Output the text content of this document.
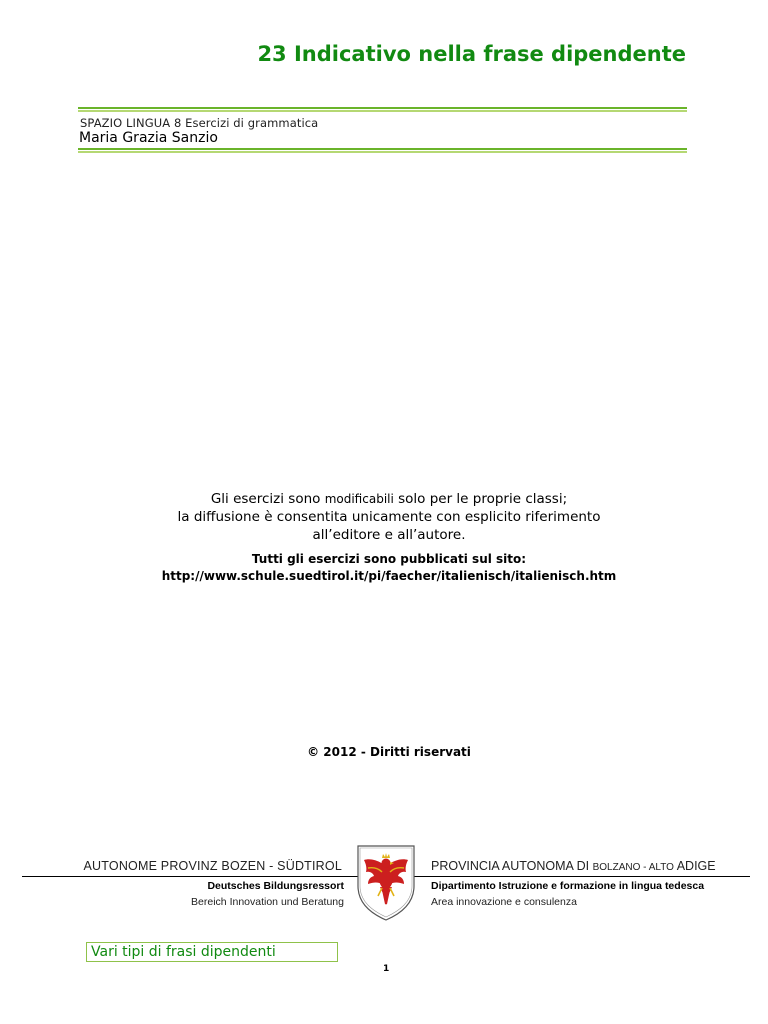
23 Indicativo nella frase dipendente
SPAZIO LINGUA 8 Esercizi di grammatica
Maria Grazia Sanzio

Gli esercizi sono modificabili solo per le proprie classi;

la diffusione è consentita unicamente con esplicito riferimento

all’editore e all’autore.

Tutti gli esercizi sono pubblicati sul sito:

http://www.schule.suedtirol.it/pi/faecher/italienisch/italienisch.htm

© 2012 - Diritti riservati
AUTONOME PROVINZ BOZEN - SÜDTIROL	PROVINCIA AUTONOMA DI BOLZANO - ALTO ADIGE
Deutsches Bildungsressort
Bereich Innovation und Beratung
Dipartimento Istruzione e formazione in lingua tedesca
Area innovazione e consulenza
Vari tipi di frasi dipendenti
1
